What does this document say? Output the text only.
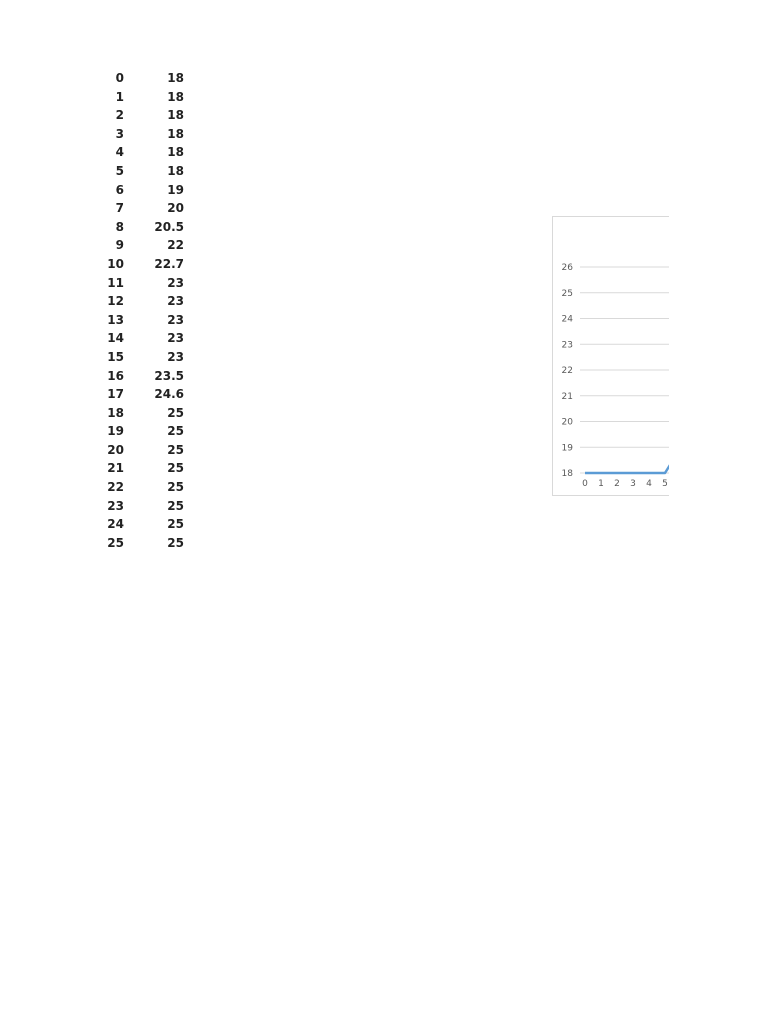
0	18
1	18
2	18
3	18
4	18
5	18
6	19
7	20
8	20.5
9	22
10	22.7
11	23
12	23
13	23
14	23
15	23
16	23.5
17	24.6
18	25
19	25
20	25
21	25
22	25
23	25
24	25
25	25
18
19
20
21
22
23
24
25
26
0 1 2 3 4 5
